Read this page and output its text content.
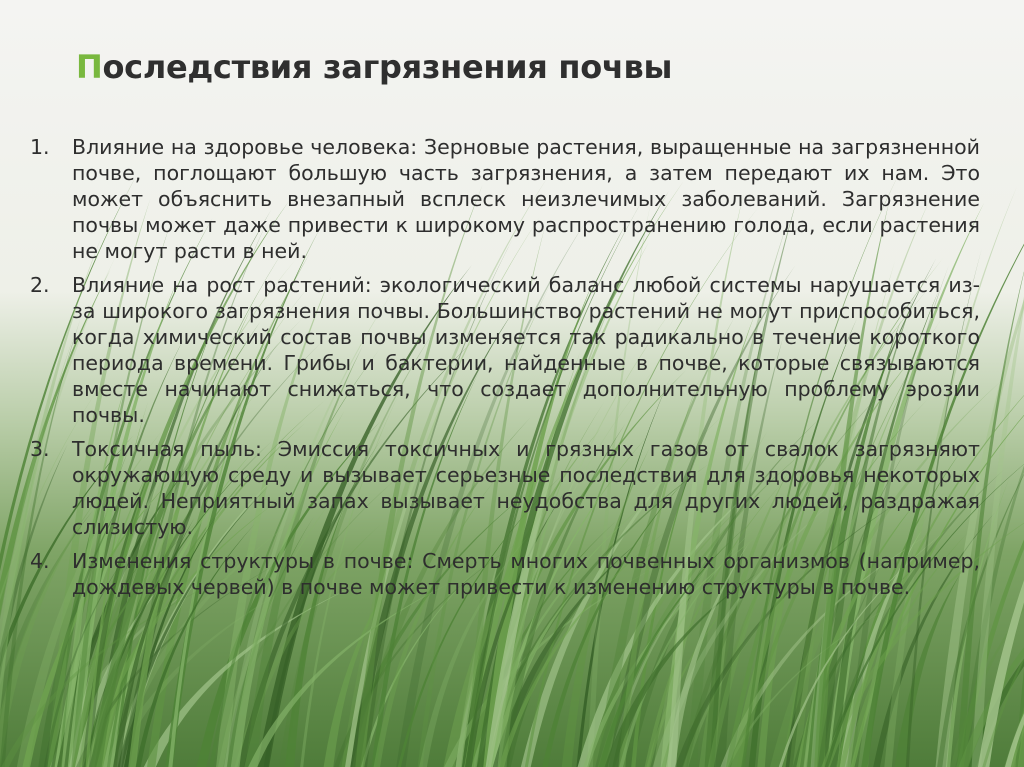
Последствия загрязнения почвы
1.	Влияние на здоровье человека: Зерновые растения, выращенные на загрязненной почве, поглощают большую часть загрязнения, а затем передают их нам. Это может объяснить внезапный всплеск неизлечимых заболеваний. Загрязнение почвы может даже привести к широкому распространению голода, если растения не могут расти в ней.
2.	Влияние на рост растений: экологический баланс любой системы нарушается из-за широкого загрязнения почвы. Большинство растений не могут приспособиться, когда химический состав почвы изменяется так радикально в течение короткого периода времени. Грибы и бактерии, найденные в почве, которые связываются вместе начинают снижаться, что создает дополнительную проблему эрозии почвы.
3.	Токсичная пыль: Эмиссия токсичных и грязных газов от свалок загрязняют окружающую среду и вызывает серьезные последствия для здоровья некоторых людей. Неприятный запах вызывает неудобства для других людей, раздражая слизистую.
4.	Изменения структуры в почве: Смерть многих почвенных организмов (например, дождевых червей) в почве может привести к изменению структуры в почве.
